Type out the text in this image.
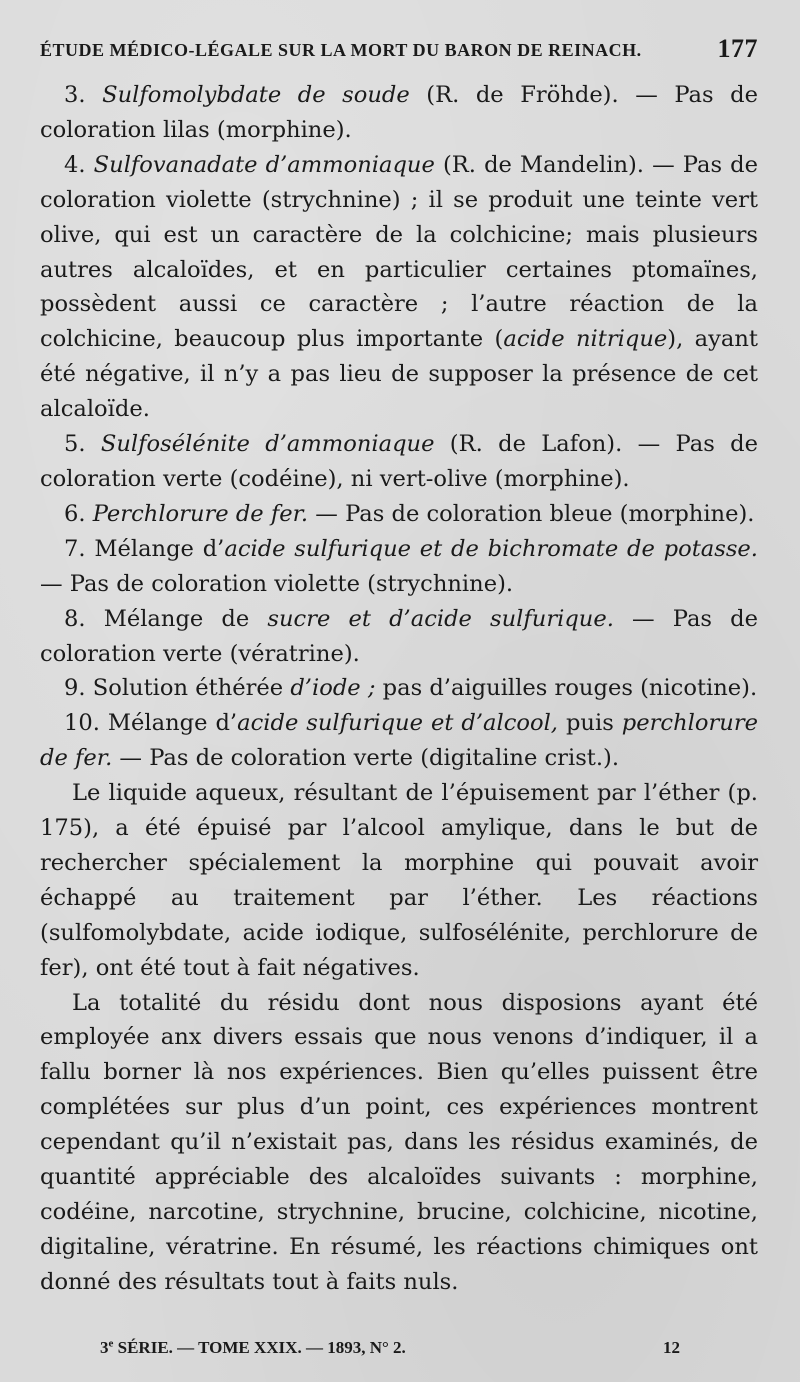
ÉTUDE MÉDICO-LÉGALE SUR LA MORT DU BARON DE REINACH.	177

3. Sulfomolybdate de soude (R. de Fröhde). — Pas de coloration lilas (morphine).

4. Sulfovanadate d’ammoniaque (R. de Mandelin). — Pas de coloration violette (strychnine) ; il se produit une teinte vert olive, qui est un caractère de la colchicine; mais plusieurs autres alcaloïdes, et en particulier certaines ptomaïnes, possèdent aussi ce caractère ; l’autre réaction de la colchicine, beaucoup plus importante (acide nitrique), ayant été négative, il n’y a pas lieu de supposer la présence de cet alcaloïde.

5. Sulfosélénite d’ammoniaque (R. de Lafon). — Pas de coloration verte (codéine), ni vert-olive (morphine).

6. Perchlorure de fer. — Pas de coloration bleue (morphine).

7. Mélange d’acide sulfurique et de bichromate de potasse. — Pas de coloration violette (strychnine).

8. Mélange de sucre et d’acide sulfurique. — Pas de coloration verte (vératrine).

9. Solution éthérée d’iode ; pas d’aiguilles rouges (nicotine).

10. Mélange d’acide sulfurique et d’alcool, puis perchlorure de fer. — Pas de coloration verte (digitaline crist.).

Le liquide aqueux, résultant de l’épuisement par l’éther (p. 175), a été épuisé par l’alcool amylique, dans le but de rechercher spécialement la morphine qui pouvait avoir échappé au traitement par l’éther. Les réactions (sulfomolybdate, acide iodique, sulfosélénite, perchlorure de fer), ont été tout à fait négatives.

La totalité du résidu dont nous disposions ayant été employée anx divers essais que nous venons d’indiquer, il a fallu borner là nos expériences. Bien qu’elles puissent être complétées sur plus d’un point, ces expériences montrent cependant qu’il n’existait pas, dans les résidus examinés, de quantité appréciable des alcaloïdes suivants : morphine, codéine, narcotine, strychnine, brucine, colchicine, nicotine, digitaline, vératrine. En résumé, les réactions chimiques ont donné des résultats tout à faits nuls.

3e SÉRIE. — TOME XXIX. — 1893, N° 2.	12
